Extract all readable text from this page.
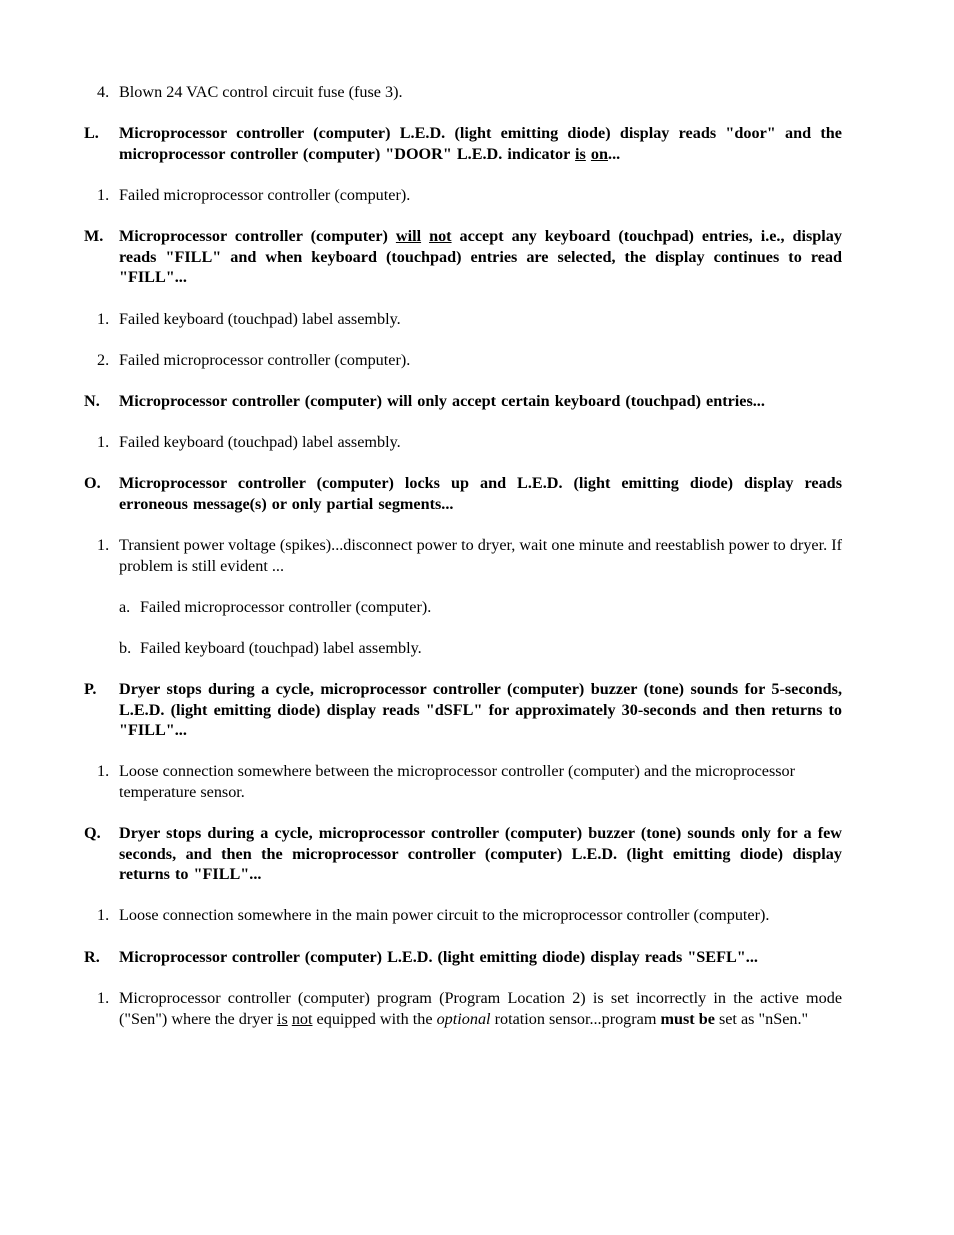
4. Blown 24 VAC control circuit fuse (fuse 3).
L.	Microprocessor controller (computer) L.E.D. (light emitting diode) display reads "door" and the microprocessor controller (computer) "DOOR" L.E.D. indicator is on...
1. Failed microprocessor controller (computer).
M. Microprocessor controller (computer) will not accept any keyboard (touchpad) entries, i.e., display reads "FILL" and when keyboard (touchpad) entries are selected, the display continues to read "FILL"...
1. Failed keyboard (touchpad) label assembly.
2. Failed microprocessor controller (computer).
N.	Microprocessor controller (computer) will only accept certain keyboard (touchpad) entries...
1. Failed keyboard (touchpad) label assembly.
O.	Microprocessor controller (computer) locks up and L.E.D. (light emitting diode) display reads erroneous message(s) or only partial segments...
1. Transient power voltage (spikes)...disconnect power to dryer, wait one minute and reestablish power to dryer. If problem is still evident ...
a. Failed microprocessor controller (computer).
b. Failed keyboard (touchpad) label assembly.
P.	Dryer stops during a cycle, microprocessor controller (computer) buzzer (tone) sounds for 5-seconds, L.E.D. (light emitting diode) display reads "dSFL" for approximately 30-seconds and then returns to "FILL"...
1. Loose connection somewhere between the microprocessor controller (computer) and the microprocessor temperature sensor.
Q.	Dryer stops during a cycle, microprocessor controller (computer) buzzer (tone) sounds only for a few seconds, and then the microprocessor controller (computer) L.E.D. (light emitting diode) display returns to "FILL"...
1. Loose connection somewhere in the main power circuit to the microprocessor controller (computer).
R.	Microprocessor controller (computer) L.E.D. (light emitting diode) display reads "SEFL"...
1. Microprocessor controller (computer) program (Program Location 2) is set incorrectly in the active mode ("Sen") where the dryer is not equipped with the optional rotation sensor...program must be set as "nSen."
